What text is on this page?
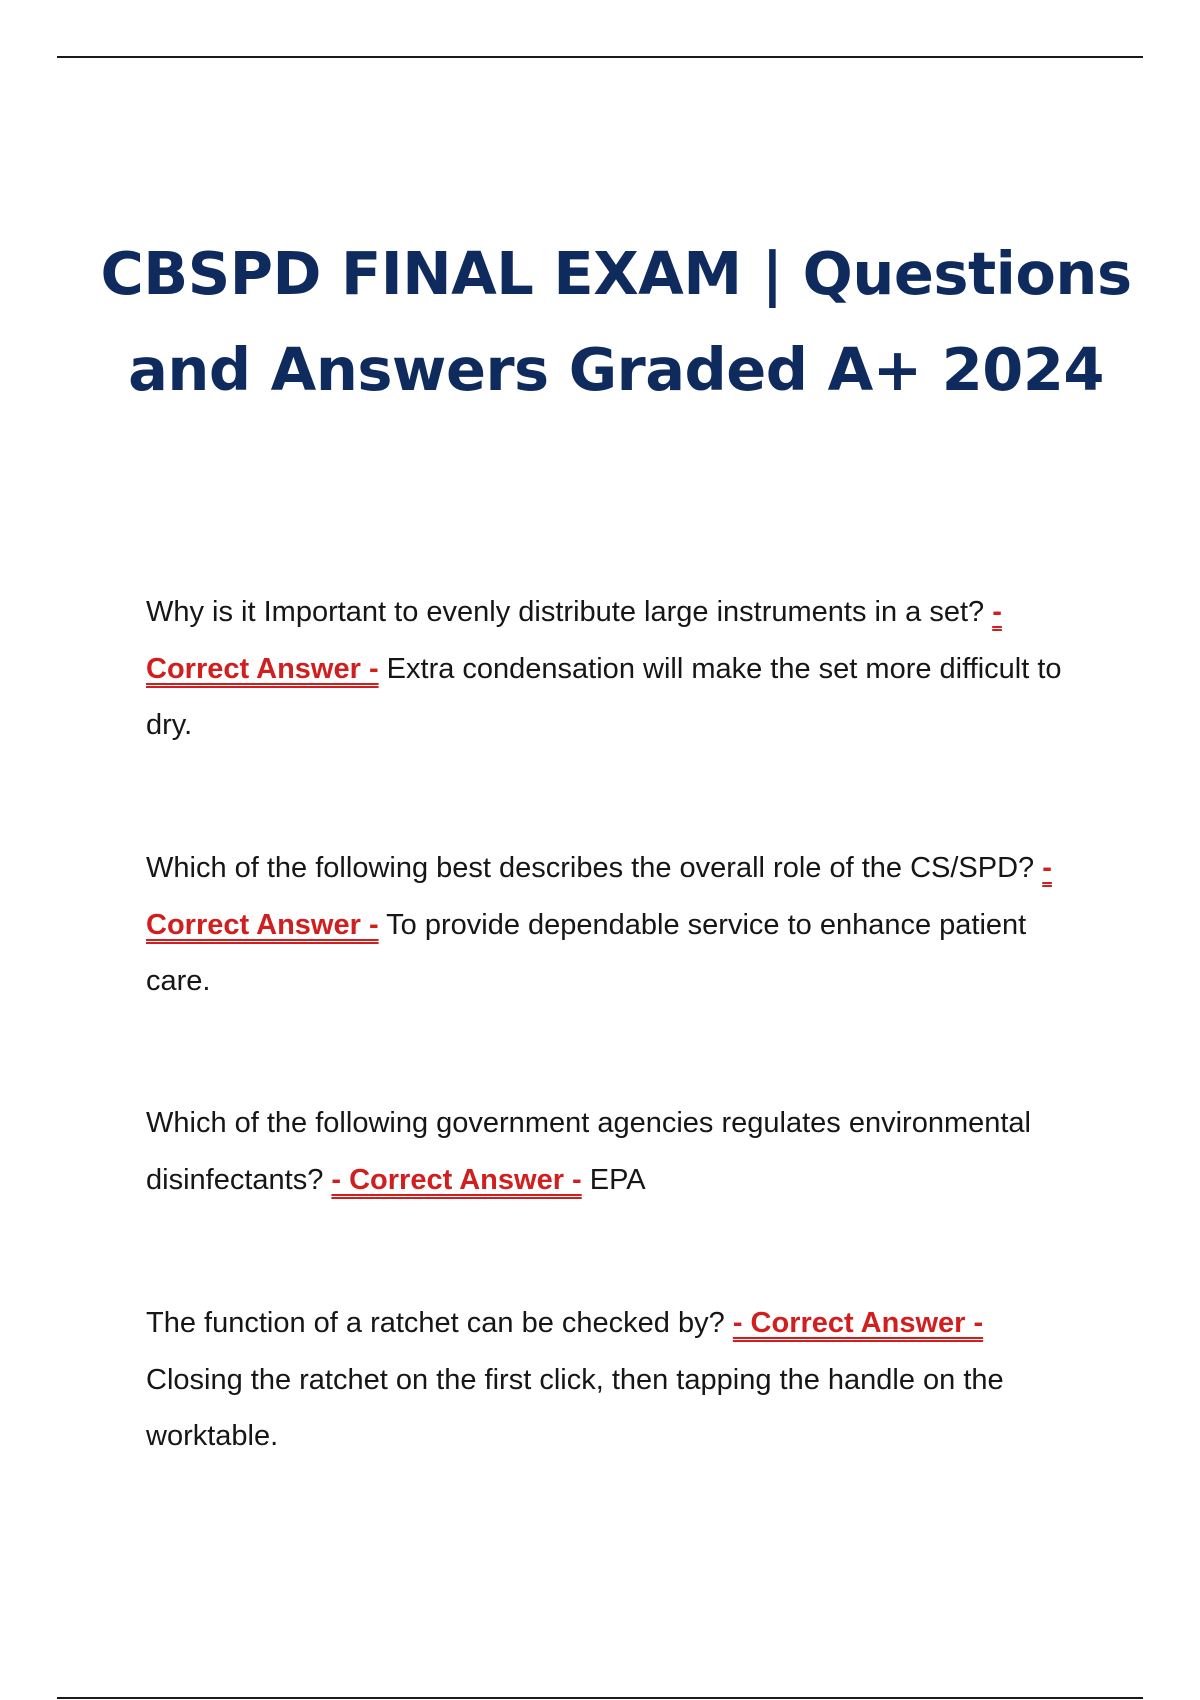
CBSPD FINAL EXAM | Questions and Answers Graded A+ 2024

Why is it Important to evenly distribute large instruments in a set? - Correct Answer - Extra condensation will make the set more difficult to dry.

Which of the following best describes the overall role of the CS/SPD? - Correct Answer - To provide dependable service to enhance patient care.

Which of the following government agencies regulates environmental disinfectants? - Correct Answer - EPA

The function of a ratchet can be checked by? - Correct Answer - Closing the ratchet on the first click, then tapping the handle on the worktable.
